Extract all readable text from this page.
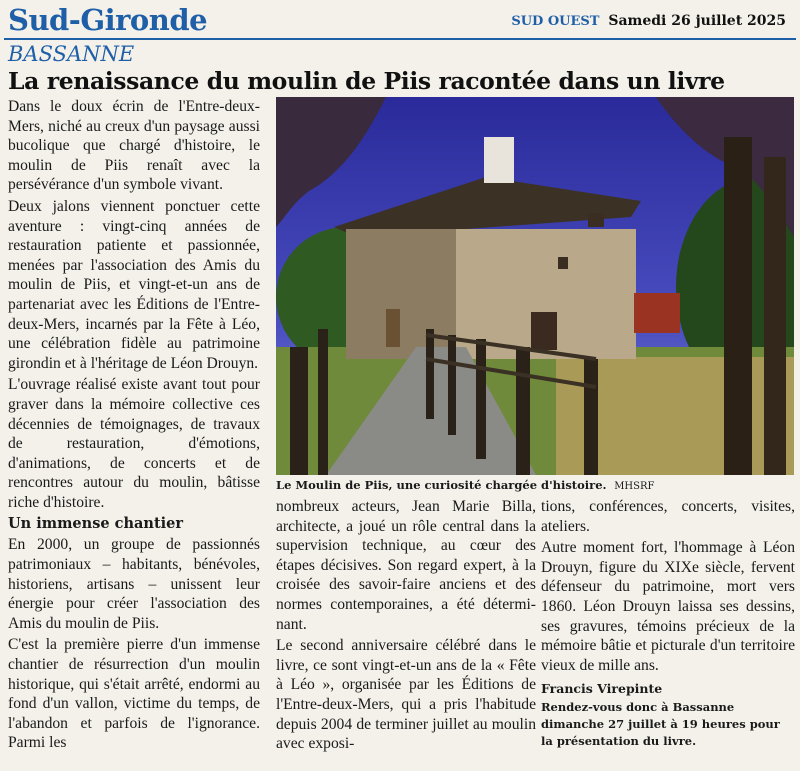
Sud-Gironde	SUD OUEST Samedi 26 juillet 2025
BASSANNE
La renaissance du moulin de Piis racontée dans un livre

Dans le doux écrin de l'Entre-deux-Mers, niché au creux d'un paysage aussi bucolique que chargé d'histoire, le moulin de Piis renaît avec la persévérance d'un symbole vivant.

Deux jalons viennent ponctuer cette aventure : vingt-cinq années de restauration patiente et passionnée, menées par l'association des Amis du moulin de Piis, et vingt-et-un ans de partenariat avec les Éditions de l'Entre-deux-Mers, incarnés par la Fête à Léo, une célébration fidèle au patrimoine girondin et à l'héritage de Léon Drouyn.

L'ouvrage réalisé existe avant tout pour graver dans la mémoire collective ces décennies de témoignages, de travaux de restauration, d'émotions, d'animations, de concerts et de rencontres autour du moulin, bâtisse riche d'histoire.

Un immense chantier

En 2000, un groupe de passionnés patrimoniaux – habitants, bénévoles, historiens, artisans – unissent leur énergie pour créer l'association des Amis du moulin de Piis.

C'est la première pierre d'un immense chantier de résurrection d'un moulin historique, qui s'était arrêté, endormi au fond d'un vallon, victime du temps, de l'abandon et parfois de l'ignorance. Parmi les

Le Moulin de Piis, une curiosité chargée d'histoire. MHSRF

nombreux acteurs, Jean Marie Billa, architecte, a joué un rôle central dans la supervision technique, au cœur des étapes décisives. Son regard expert, à la croisée des savoir-faire anciens et des normes contemporaines, a été déterminant.

Le second anniversaire célébré dans le livre, ce sont vingt-et-un ans de la « Fête à Léo », organisée par les Éditions de l'Entre-deux-Mers, qui a pris l'habitude depuis 2004 de terminer juillet au moulin avec exposi-

tions, conférences, concerts, visites, ateliers.

Autre moment fort, l'hommage à Léon Drouyn, figure du XIXe siècle, fervent défenseur du patrimoine, mort vers 1860. Léon Drouyn laissa ses dessins, ses gravures, témoins précieux de la mémoire bâtie et picturale d'un territoire vieux de mille ans.

Francis Virepinte
Rendez-vous donc à Bassanne dimanche 27 juillet à 19 heures pour la présentation du livre.
